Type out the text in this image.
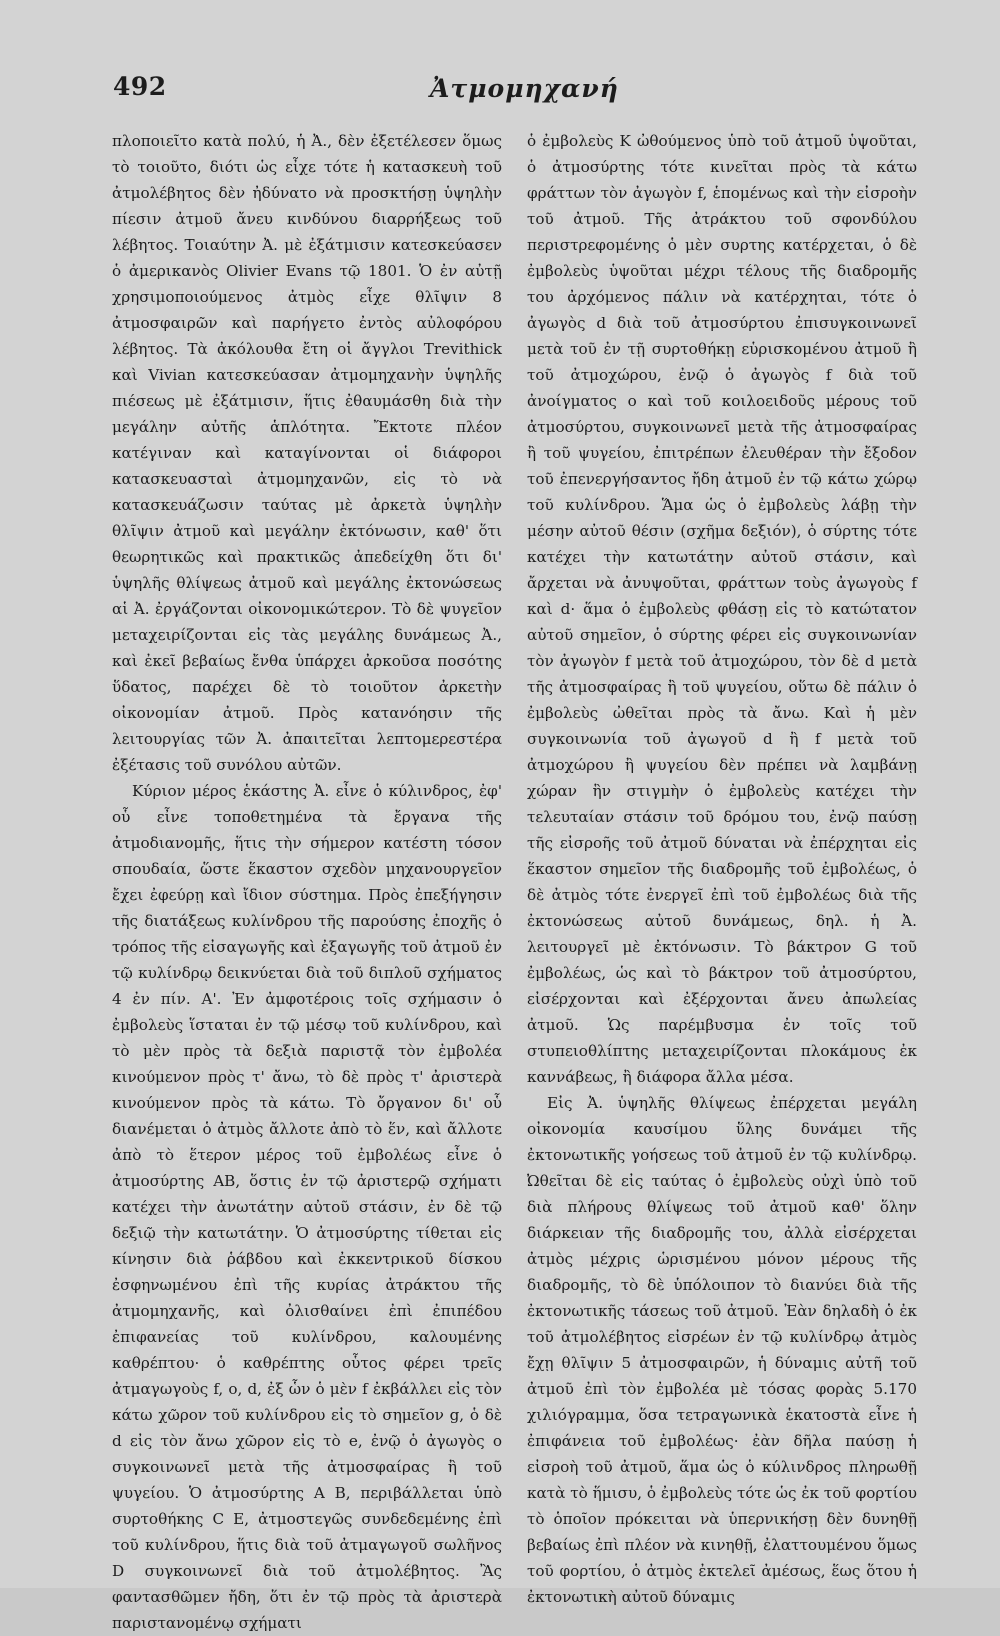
492	Ἀτμομηχανή

πλοποιεῖτο κατὰ πολύ, ἡ Ἀ., δὲν ἐξετέλεσεν ὅμως τὸ τοιοῦτο, διότι ὡς εἶχε τότε ἡ κατασκευὴ τοῦ ἀτμολέβητος δὲν ἠδύνατο νὰ προσκτήσῃ ὑψηλὴν πίεσιν ἀτμοῦ ἄνευ κινδύνου διαρρήξεως τοῦ λέβητος. Τοιαύτην Ἀ. μὲ ἐξάτμισιν κατεσκεύασεν ὁ ἀμερικανὸς Olivier Evans τῷ 1801. Ὁ ἐν αὐτῇ χρησιμοποιούμενος ἀτμὸς εἶχε θλῖψιν 8 ἀτμοσφαιρῶν καὶ παρήγετο ἐντὸς αὐλοφόρου λέβητος. Τὰ ἀκόλουθα ἔτη οἱ ἄγγλοι Trevithick καὶ Vivian κατεσκεύασαν ἀτμομηχανὴν ὑψηλῆς πιέσεως μὲ ἐξάτμισιν, ἥτις ἐθαυμάσθη διὰ τὴν μεγάλην αὐτῆς ἁπλότητα. Ἔκτοτε πλέον κατέγιναν καὶ καταγίνονται οἱ διάφοροι κατασκευασταὶ ἀτμομηχανῶν, εἰς τὸ νὰ κατασκευάζωσιν ταύτας μὲ ἀρκετὰ ὑψηλὴν θλῖψιν ἀτμοῦ καὶ μεγάλην ἐκτόνωσιν, καθ' ὅτι θεωρητικῶς καὶ πρακτικῶς ἀπεδείχθη ὅτι δι' ὑψηλῆς θλίψεως ἀτμοῦ καὶ μεγάλης ἐκτονώσεως αἱ Ἀ. ἐργάζονται οἰκονομικώτερον. Τὸ δὲ ψυγεῖον μεταχειρίζονται εἰς τὰς μεγάλης δυνάμεως Ἀ., καὶ ἐκεῖ βεβαίως ἔνθα ὑπάρχει ἀρκοῦσα ποσότης ὕδατος, παρέχει δὲ τὸ τοιοῦτον ἀρκετὴν οἰκονομίαν ἀτμοῦ. Πρὸς κατανόησιν τῆς λειτουργίας τῶν Ἀ. ἀπαιτεῖται λεπτομερεστέρα ἐξέτασις τοῦ συνόλου αὐτῶν.

Κύριον μέρος ἑκάστης Ἀ. εἶνε ὁ κύλινδρος, ἐφ' οὗ εἶνε τοποθετημένα τὰ ἔργανα τῆς ἀτμοδιανομῆς, ἥτις τὴν σήμερον κατέστη τόσον σπουδαία, ὥστε ἕκαστον σχεδὸν μηχανουργεῖον ἔχει ἐφεύρῃ καὶ ἴδιον σύστημα. Πρὸς ἐπεξήγησιν τῆς διατάξεως κυλίνδρου τῆς παρούσης ἐποχῆς ὁ τρόπος τῆς εἰσαγωγῆς καὶ ἐξαγωγῆς τοῦ ἀτμοῦ ἐν τῷ κυλίνδρῳ δεικνύεται διὰ τοῦ διπλοῦ σχήματος 4 ἐν πίν. Α'. Ἐν ἀμφοτέροις τοῖς σχήμασιν ὁ ἐμβολεὺς ἵσταται ἐν τῷ μέσῳ τοῦ κυλίνδρου, καὶ τὸ μὲν πρὸς τὰ δεξιὰ παριστᾷ τὸν ἐμβολέα κινούμενον πρὸς τ' ἄνω, τὸ δὲ πρὸς τ' ἀριστερὰ κινούμενον πρὸς τὰ κάτω. Τὸ ὄργανον δι' οὗ διανέμεται ὁ ἀτμὸς ἄλλοτε ἀπὸ τὸ ἕν, καὶ ἄλλοτε ἀπὸ τὸ ἕτερον μέρος τοῦ ἐμβολέως εἶνε ὁ ἀτμοσύρτης ΑΒ, ὅστις ἐν τῷ ἀριστερῷ σχήματι κατέχει τὴν ἀνωτάτην αὐτοῦ στάσιν, ἐν δὲ τῷ δεξιῷ τὴν κατωτάτην. Ὁ ἀτμοσύρτης τίθεται εἰς κίνησιν διὰ ῥάβδου καὶ ἐκκεντρικοῦ δίσκου ἐσφηνωμένου ἐπὶ τῆς κυρίας ἀτράκτου τῆς ἀτμομηχανῆς, καὶ ὀλισθαίνει ἐπὶ ἐπιπέδου ἐπιφανείας τοῦ κυλίνδρου, καλουμένης καθρέπτου· ὁ καθρέπτης οὗτος φέρει τρεῖς ἀτμαγωγοὺς f, o, d, ἐξ ὧν ὁ μὲν f ἐκβάλλει εἰς τὸν κάτω χῶρον τοῦ κυλίνδρου εἰς τὸ σημεῖον g, ὁ δὲ d εἰς τὸν ἄνω χῶρον εἰς τὸ e, ἐνῷ ὁ ἀγωγὸς o συγκοινωνεῖ μετὰ τῆς ἀτμοσφαίρας ἢ τοῦ ψυγείου. Ὁ ἀτμοσύρτης Α Β, περιβάλλεται ὑπὸ συρτοθήκης C E, ἀτμοστεγῶς συνδεδεμένης ἐπὶ τοῦ κυλίνδρου, ἥτις διὰ τοῦ ἀτμαγωγοῦ σωλῆνος D συγκοινωνεῖ διὰ τοῦ ἀτμολέβητος. Ἂς φαντασθῶμεν ἤδη, ὅτι ἐν τῷ πρὸς τὰ ἀριστερὰ παριστανομένῳ σχήματι

ὁ ἐμβολεὺς Κ ὠθούμενος ὑπὸ τοῦ ἀτμοῦ ὑψοῦται, ὁ ἀτμοσύρτης τότε κινεῖται πρὸς τὰ κάτω φράττων τὸν ἀγωγὸν f, ἑπομένως καὶ τὴν εἰσροὴν τοῦ ἀτμοῦ. Τῆς ἀτράκτου τοῦ σφονδύλου περιστρεφομένης ὁ μὲν συρτης κατέρχεται, ὁ δὲ ἐμβολεὺς ὑψοῦται μέχρι τέλους τῆς διαδρομῆς του ἀρχόμενος πάλιν νὰ κατέρχηται, τότε ὁ ἀγωγὸς d διὰ τοῦ ἀτμοσύρτου ἐπισυγκοινωνεῖ μετὰ τοῦ ἐν τῇ συρτοθήκῃ εὑρισκομένου ἀτμοῦ ἢ τοῦ ἀτμοχώρου, ἐνῷ ὁ ἀγωγὸς f διὰ τοῦ ἀνοίγματος o καὶ τοῦ κοιλοειδοῦς μέρους τοῦ ἀτμοσύρτου, συγκοινωνεῖ μετὰ τῆς ἀτμοσφαίρας ἢ τοῦ ψυγείου, ἐπιτρέπων ἐλευθέραν τὴν ἔξοδον τοῦ ἐπενεργήσαντος ἤδη ἀτμοῦ ἐν τῷ κάτω χώρῳ τοῦ κυλίνδρου. Ἅμα ὡς ὁ ἐμβολεὺς λάβῃ τὴν μέσην αὐτοῦ θέσιν (σχῆμα δεξιόν), ὁ σύρτης τότε κατέχει τὴν κατωτάτην αὐτοῦ στάσιν, καὶ ἄρχεται νὰ ἀνυψοῦται, φράττων τοὺς ἀγωγοὺς f καὶ d· ἅμα ὁ ἐμβολεὺς φθάσῃ εἰς τὸ κατώτατον αὐτοῦ σημεῖον, ὁ σύρτης φέρει εἰς συγκοινωνίαν τὸν ἀγωγὸν f μετὰ τοῦ ἀτμοχώρου, τὸν δὲ d μετὰ τῆς ἀτμοσφαίρας ἢ τοῦ ψυγείου, οὕτω δὲ πάλιν ὁ ἐμβολεὺς ὠθεῖται πρὸς τὰ ἄνω. Καὶ ἡ μὲν συγκοινωνία τοῦ ἀγωγοῦ d ἢ f μετὰ τοῦ ἀτμοχώρου ἢ ψυγείου δὲν πρέπει νὰ λαμβάνῃ χώραν ἣν στιγμὴν ὁ ἐμβολεὺς κατέχει τὴν τελευταίαν στάσιν τοῦ δρόμου του, ἐνῷ παύσῃ τῆς εἰσροῆς τοῦ ἀτμοῦ δύναται νὰ ἐπέρχηται εἰς ἕκαστον σημεῖον τῆς διαδρομῆς τοῦ ἐμβολέως, ὁ δὲ ἀτμὸς τότε ἐνεργεῖ ἐπὶ τοῦ ἐμβολέως διὰ τῆς ἐκτονώσεως αὐτοῦ δυνάμεως, δηλ. ἡ Ἀ. λειτουργεῖ μὲ ἐκτόνωσιν. Τὸ βάκτρον G τοῦ ἐμβολέως, ὡς καὶ τὸ βάκτρον τοῦ ἀτμοσύρτου, εἰσέρχονται καὶ ἐξέρχονται ἄνευ ἀπωλείας ἀτμοῦ. Ὡς παρέμβυσμα ἐν τοῖς τοῦ στυπειοθλίπτης μεταχειρίζονται πλοκάμους ἐκ καννάβεως, ἢ διάφορα ἄλλα μέσα.

Εἰς Ἀ. ὑψηλῆς θλίψεως ἐπέρχεται μεγάλη οἰκονομία καυσίμου ὕλης δυνάμει τῆς ἐκτονωτικῆς γοήσεως τοῦ ἀτμοῦ ἐν τῷ κυλίνδρῳ. Ὠθεῖται δὲ εἰς ταύτας ὁ ἐμβολεὺς οὐχὶ ὑπὸ τοῦ διὰ πλήρους θλίψεως τοῦ ἀτμοῦ καθ' ὅλην διάρκειαν τῆς διαδρομῆς του, ἀλλὰ εἰσέρχεται ἀτμὸς μέχρις ὡρισμένου μόνον μέρους τῆς διαδρομῆς, τὸ δὲ ὑπόλοιπον τὸ διανύει διὰ τῆς ἐκτονωτικῆς τάσεως τοῦ ἀτμοῦ. Ἐὰν δηλαδὴ ὁ ἐκ τοῦ ἀτμολέβητος εἰσρέων ἐν τῷ κυλίνδρῳ ἀτμὸς ἔχῃ θλῖψιν 5 ἀτμοσφαιρῶν, ἡ δύναμις αὐτῆ τοῦ ἀτμοῦ ἐπὶ τὸν ἐμβολέα μὲ τόσας φορὰς 5.170 χιλιόγραμμα, ὅσα τετραγωνικὰ ἑκατοστὰ εἶνε ἡ ἐπιφάνεια τοῦ ἐμβολέως· ἐὰν δῆλα παύσῃ ἡ εἰσροὴ τοῦ ἀτμοῦ, ἅμα ὡς ὁ κύλινδρος πληρωθῇ κατὰ τὸ ἥμισυ, ὁ ἐμβολεὺς τότε ὡς ἐκ τοῦ φορτίου τὸ ὁποῖον πρόκειται νὰ ὑπερνικήσῃ δὲν δυνηθῇ βεβαίως ἐπὶ πλέον νὰ κινηθῇ, ἐλαττουμένου ὅμως τοῦ φορτίου, ὁ ἀτμὸς ἐκτελεῖ ἀμέσως, ἕως ὅτου ἡ ἐκτονωτικὴ αὐτοῦ δύναμις
